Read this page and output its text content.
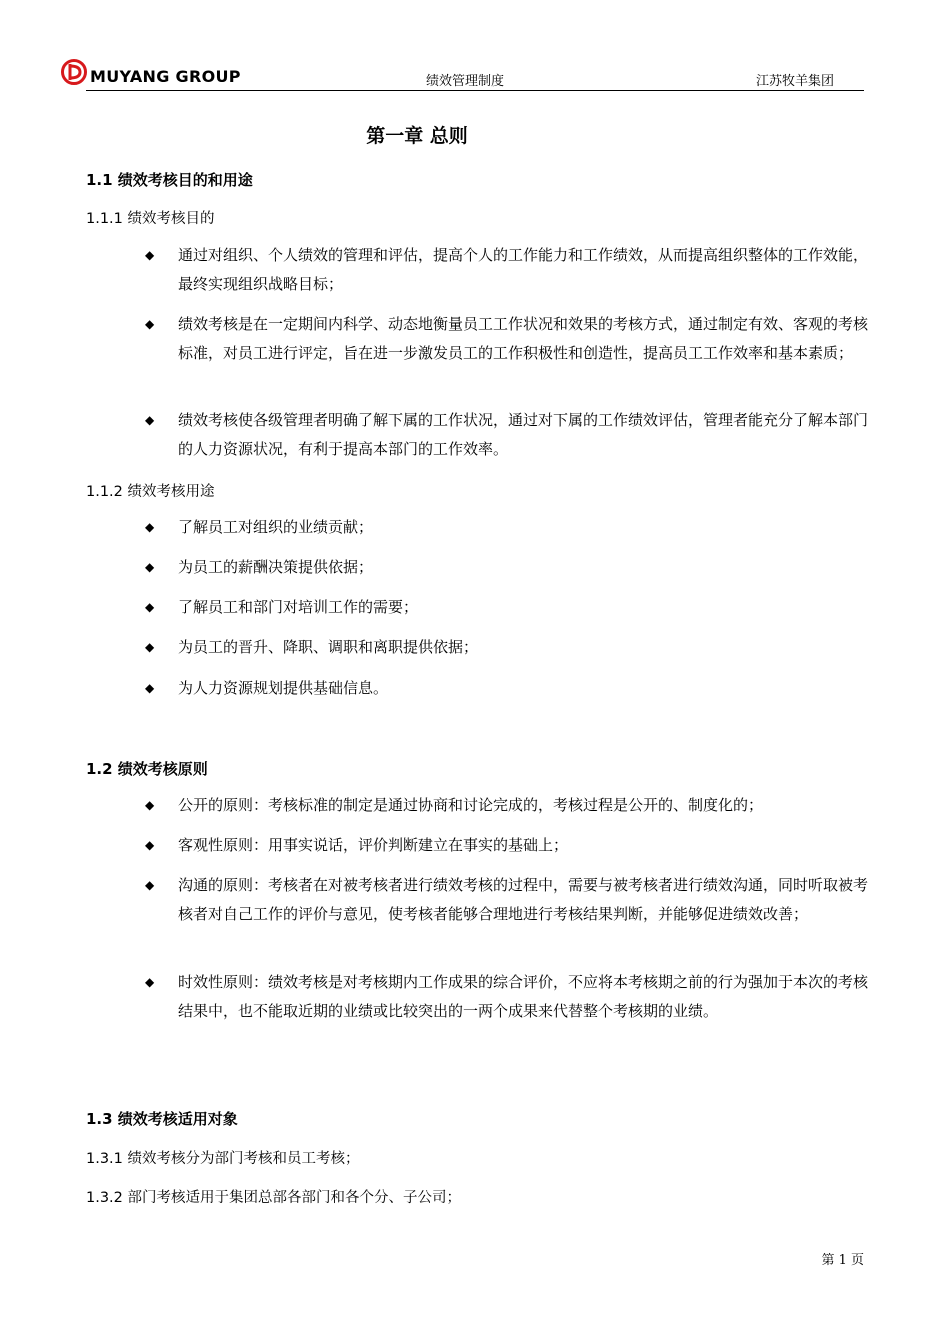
MUYANG GROUP	绩效管理制度	江苏牧羊集团
第一章 总则
1.1 绩效考核目的和用途
1.1.1 绩效考核目的
◆ 通过对组织、个人绩效的管理和评估，提高个人的工作能力和工作绩效，从而提高组织整体的工作效能，最终实现组织战略目标；
◆ 绩效考核是在一定期间内科学、动态地衡量员工工作状况和效果的考核方式，通过制定有效、客观的考核标准，对员工进行评定，旨在进一步激发员工的工作积极性和创造性，提高员工工作效率和基本素质；
◆ 绩效考核使各级管理者明确了解下属的工作状况，通过对下属的工作绩效评估，管理者能充分了解本部门的人力资源状况，有利于提高本部门的工作效率。
1.1.2 绩效考核用途
◆ 了解员工对组织的业绩贡献；
◆ 为员工的薪酬决策提供依据；
◆ 了解员工和部门对培训工作的需要；
◆ 为员工的晋升、降职、调职和离职提供依据；
◆ 为人力资源规划提供基础信息。
1.2 绩效考核原则
◆ 公开的原则：考核标准的制定是通过协商和讨论完成的，考核过程是公开的、制度化的；
◆ 客观性原则：用事实说话，评价判断建立在事实的基础上；
◆ 沟通的原则：考核者在对被考核者进行绩效考核的过程中，需要与被考核者进行绩效沟通，同时听取被考核者对自己工作的评价与意见，使考核者能够合理地进行考核结果判断，并能够促进绩效改善；
◆ 时效性原则：绩效考核是对考核期内工作成果的综合评价，不应将本考核期之前的行为强加于本次的考核结果中，也不能取近期的业绩或比较突出的一两个成果来代替整个考核期的业绩。
1.3 绩效考核适用对象
1.3.1 绩效考核分为部门考核和员工考核；
1.3.2 部门考核适用于集团总部各部门和各个分、子公司；
第 1 页
